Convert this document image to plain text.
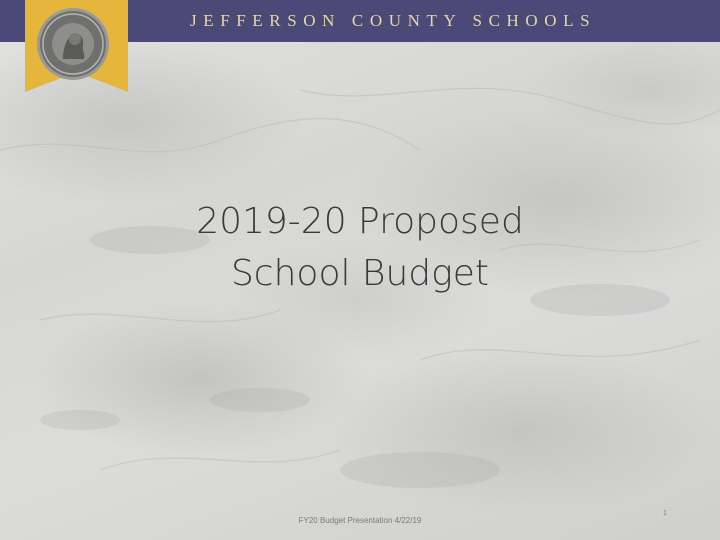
JEFFERSON COUNTY SCHOOLS
2019-20 Proposed
School Budget
FY20 Budget Presentation 4/22/19
1
